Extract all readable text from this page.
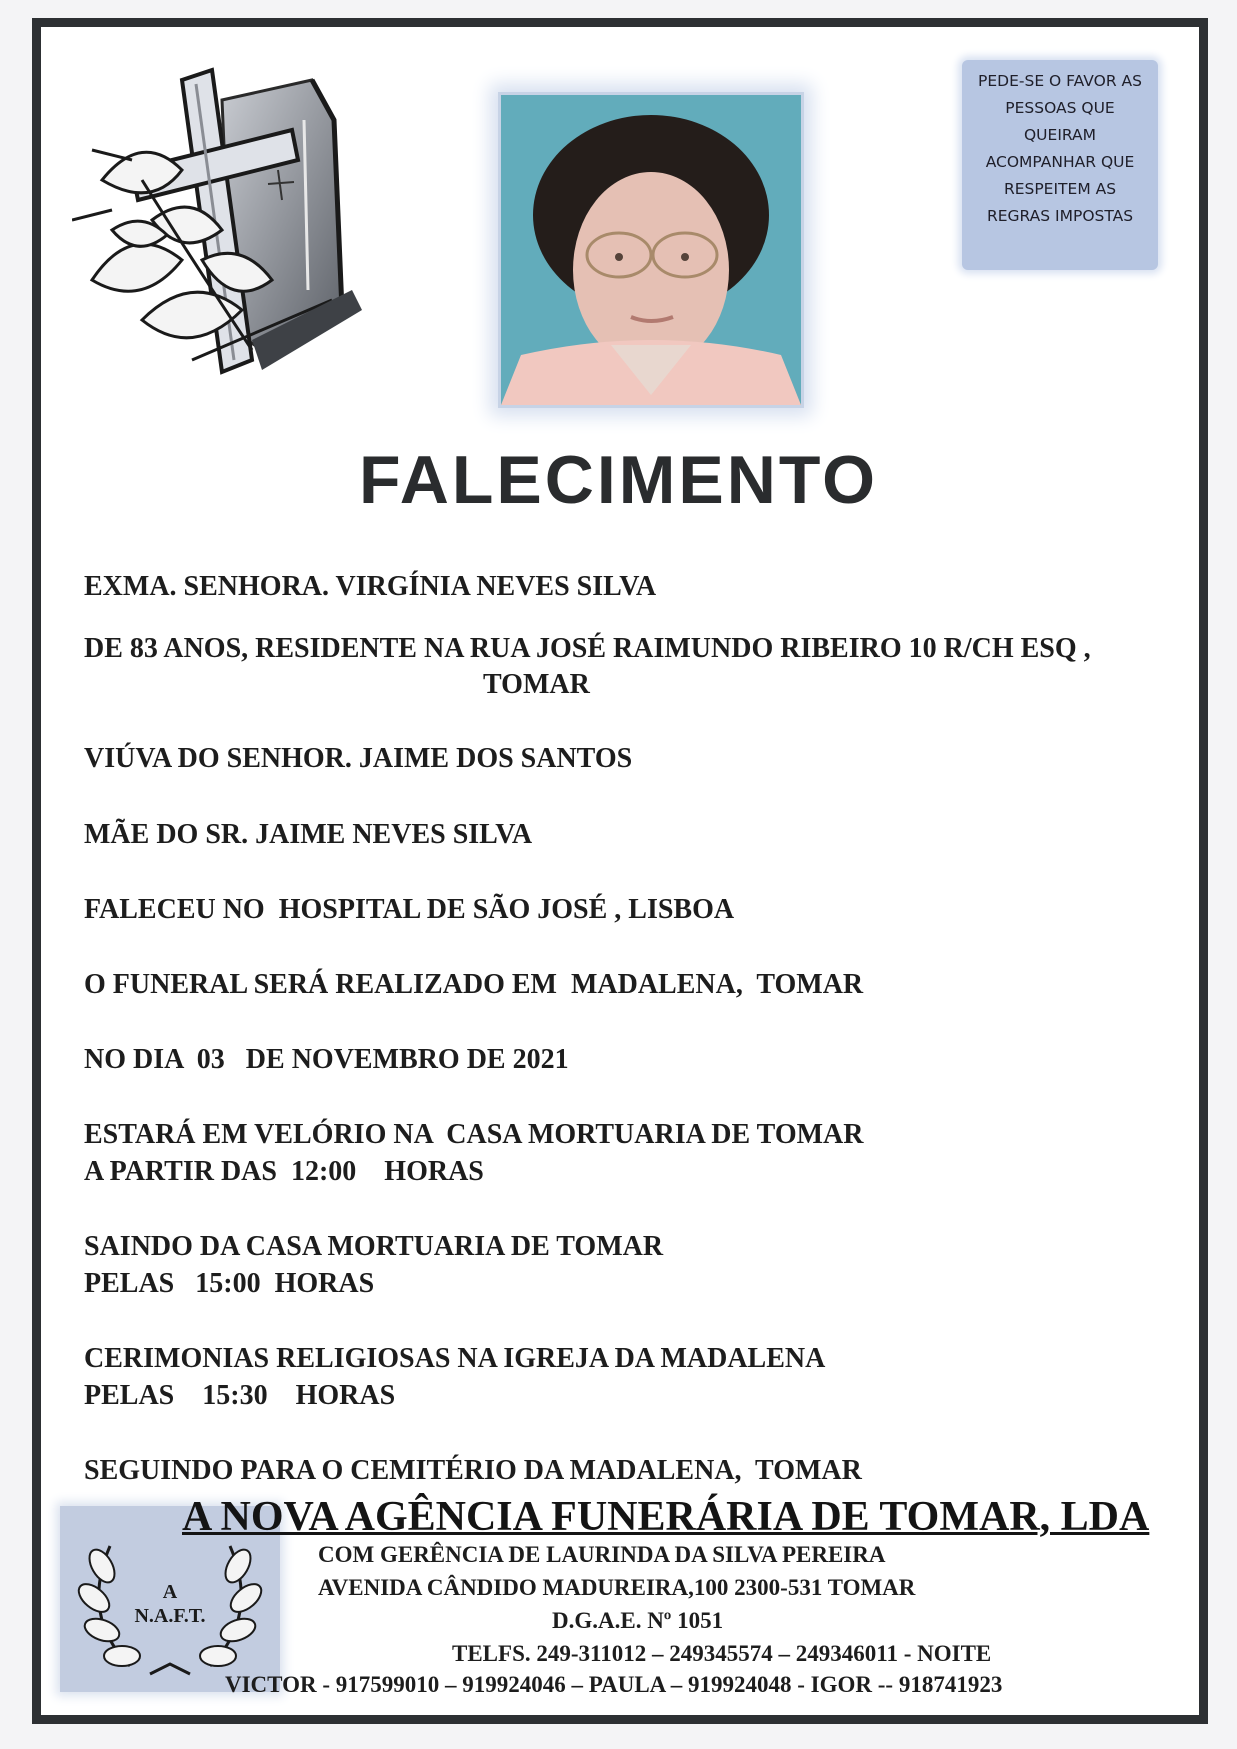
PEDE-SE O FAVOR AS
PESSOAS QUE
QUEIRAM
ACOMPANHAR QUE
RESPEITEM AS
REGRAS IMPOSTAS
FALECIMENTO
EXMA. SENHORA. VIRGÍNIA NEVES SILVA
DE 83 ANOS, RESIDENTE NA RUA JOSÉ RAIMUNDO RIBEIRO 10 R/CH ESQ ,
TOMAR
VIÚVA DO SENHOR. JAIME DOS SANTOS
MÃE DO SR. JAIME NEVES SILVA
FALECEU NO  HOSPITAL DE SÃO JOSÉ , LISBOA
O FUNERAL SERÁ REALIZADO EM  MADALENA,  TOMAR
NO DIA  03   DE NOVEMBRO DE 2021
ESTARÁ EM VELÓRIO NA  CASA MORTUARIA DE TOMAR
A PARTIR DAS  12:00    HORAS
SAINDO DA CASA MORTUARIA DE TOMAR
PELAS   15:00  HORAS
CERIMONIAS RELIGIOSAS NA IGREJA DA MADALENA
PELAS    15:30    HORAS
SEGUINDO PARA O CEMITÉRIO DA MADALENA,  TOMAR
A
N.A.F.T.
A NOVA AGÊNCIA FUNERÁRIA DE TOMAR, LDA
COM GERÊNCIA DE LAURINDA DA SILVA PEREIRA
AVENIDA CÂNDIDO MADUREIRA,100 2300-531 TOMAR
D.G.A.E. Nº 1051
TELFS. 249-311012 – 249345574 – 249346011 - NOITE
VICTOR - 917599010 – 919924046 – PAULA – 919924048 - IGOR -- 918741923
